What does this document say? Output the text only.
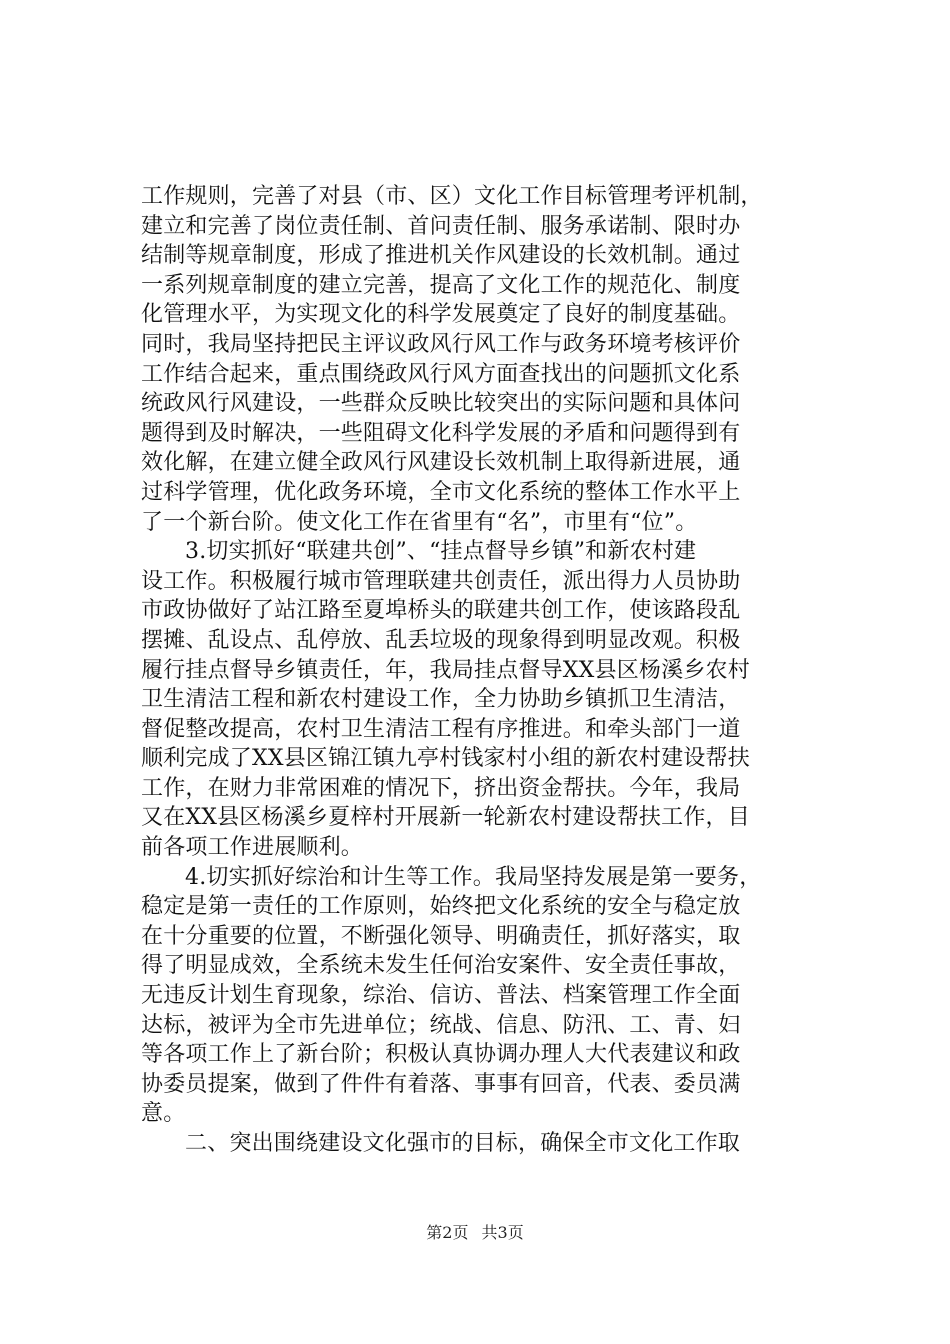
工作规则，完善了对县（市、区）文化工作目标管理考评机制，
建立和完善了岗位责任制、首问责任制、服务承诺制、限时办
结制等规章制度，形成了推进机关作风建设的长效机制。通过
一系列规章制度的建立完善，提高了文化工作的规范化、制度
化管理水平，为实现文化的科学发展奠定了良好的制度基础。
同时，我局坚持把民主评议政风行风工作与政务环境考核评价
工作结合起来，重点围绕政风行风方面查找出的问题抓文化系
统政风行风建设，一些群众反映比较突出的实际问题和具体问
题得到及时解决，一些阻碍文化科学发展的矛盾和问题得到有
效化解，在建立健全政风行风建设长效机制上取得新进展，通
过科学管理，优化政务环境，全市文化系统的整体工作水平上
了一个新台阶。使文化工作在省里有“名”，市里有“位”。
3.切实抓好“联建共创”、“挂点督导乡镇”和新农村建
设工作。积极履行城市管理联建共创责任，派出得力人员协助
市政协做好了站江路至夏埠桥头的联建共创工作，使该路段乱
摆摊、乱设点、乱停放、乱丢垃圾的现象得到明显改观。积极
履行挂点督导乡镇责任，年，我局挂点督导XX县区杨溪乡农村
卫生清洁工程和新农村建设工作，全力协助乡镇抓卫生清洁，
督促整改提高，农村卫生清洁工程有序推进。和牵头部门一道
顺利完成了XX县区锦江镇九亭村钱家村小组的新农村建设帮扶
工作，在财力非常困难的情况下，挤出资金帮扶。今年，我局
又在XX县区杨溪乡夏梓村开展新一轮新农村建设帮扶工作，目
前各项工作进展顺利。
4.切实抓好综治和计生等工作。我局坚持发展是第一要务，
稳定是第一责任的工作原则，始终把文化系统的安全与稳定放
在十分重要的位置，不断强化领导、明确责任，抓好落实，取
得了明显成效，全系统未发生任何治安案件、安全责任事故，
无违反计划生育现象，综治、信访、普法、档案管理工作全面
达标，被评为全市先进单位；统战、信息、防汛、工、青、妇
等各项工作上了新台阶；积极认真协调办理人大代表建议和政
协委员提案，做到了件件有着落、事事有回音，代表、委员满
意。
二、突出围绕建设文化强市的目标，确保全市文化工作取
第2页 共3页
